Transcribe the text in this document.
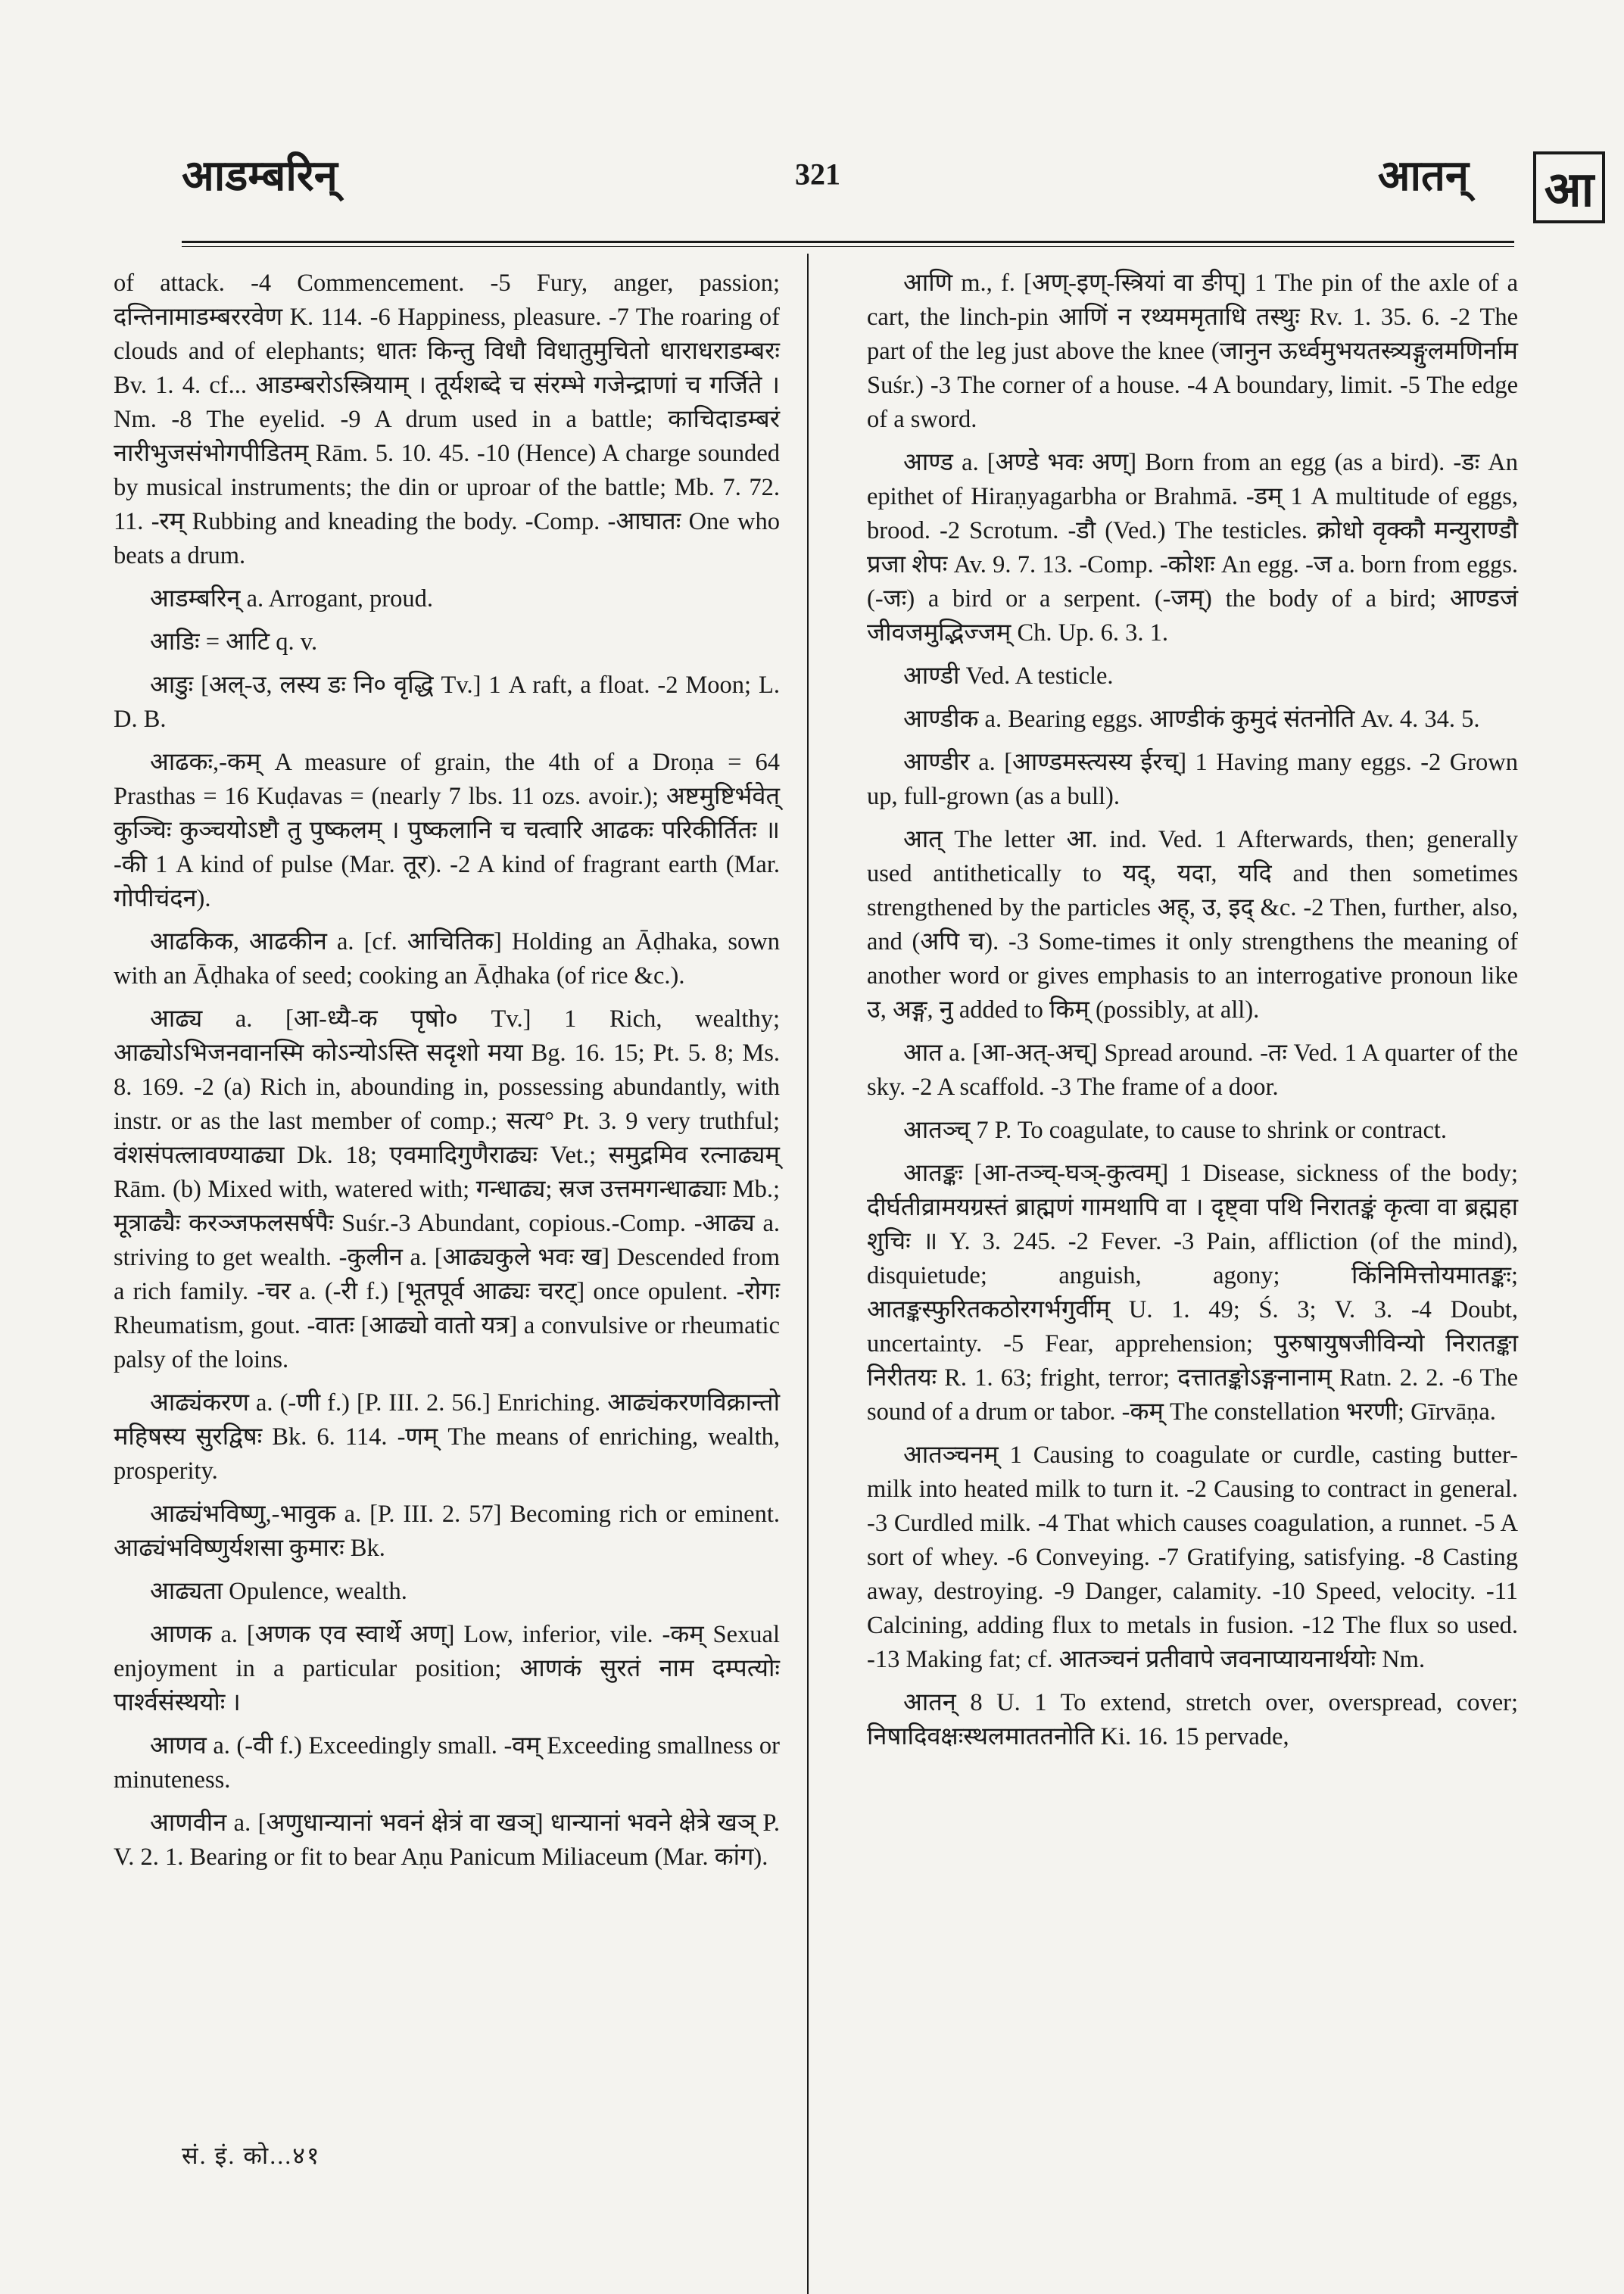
आडम्बरिन्	321	आतन् आ

of attack. -4 Commencement. -5 Fury, anger, passion; दन्तिनामाडम्बररवेण K. 114. -6 Happiness, pleasure. -7 The roaring of clouds and of elephants; धातः किन्तु विधौ विधातुमुचितो धाराधराडम्बरः Bv. 1. 4. cf... आडम्बरोऽस्त्रियाम् । तूर्यशब्दे च संरम्भे गजेन्द्राणां च गर्जिते । Nm. -8 The eyelid. -9 A drum used in a battle; काचिदाडम्बरं नारीभुजसंभोगपीडितम् Rām. 5. 10. 45. -10 (Hence) A charge sounded by musical instruments; the din or uproar of the battle; Mb. 7. 72. 11. -रम् Rubbing and kneading the body. -Comp. -आघातः One who beats a drum.

आडम्बरिन् a. Arrogant, proud.

आडिः = आटि q. v.

आडुः [अल्-उ, लस्य डः नि० वृद्धि Tv.] 1 A raft, a float. -2 Moon; L. D. B.

आढकः,-कम् A measure of grain, the 4th of a Droṇa = 64 Prasthas = 16 Kuḍavas = (nearly 7 lbs. 11 ozs. avoir.); अष्टमुष्टिर्भवेत् कुञ्चिः कुञ्चयोऽष्टौ तु पुष्कलम् । पुष्कलानि च चत्वारि आढकः परिकीर्तितः ॥ -की 1 A kind of pulse (Mar. तूर). -2 A kind of fragrant earth (Mar. गोपीचंदन).

आढकिक, आढकीन a. [cf. आचितिक] Holding an Āḍhaka, sown with an Āḍhaka of seed; cooking an Āḍhaka (of rice &c.).

आढ्य a. [आ-ध्यै-क पृषो० Tv.] 1 Rich, wealthy; आढ्योऽभिजनवानस्मि कोऽन्योऽस्ति सदृशो मया Bg. 16. 15; Pt. 5. 8; Ms. 8. 169. -2 (a) Rich in, abounding in, possessing abundantly, with instr. or as the last member of comp.; सत्य° Pt. 3. 9 very truthful; वंशसंपत्लावण्याढ्या Dk. 18; एवमादिगुणैराढ्यः Vet.; समुद्रमिव रत्नाढ्यम् Rām. (b) Mixed with, watered with; गन्धाढ्य; स्रज उत्तमगन्धाढ्याः Mb.; मूत्राढ्यैः करञ्जफलसर्षपैः Suśr.-3 Abundant, copious.-Comp. -आढ्य a. striving to get wealth. -कुलीन a. [आढ्यकुले भवः ख] Descended from a rich family. -चर a. (-री f.) [भूतपूर्व आढ्यः चरट्] once opulent. -रोगः Rheumatism, gout. -वातः [आढ्यो वातो यत्र] a convulsive or rheumatic palsy of the loins.

आढ्यंकरण a. (-णी f.) [P. III. 2. 56.] Enriching. आढ्यंकरणविक्रान्तो महिषस्य सुरद्विषः Bk. 6. 114. -णम् The means of enriching, wealth, prosperity.

आढ्यंभविष्णु,-भावुक a. [P. III. 2. 57] Becoming rich or eminent. आढ्यंभविष्णुर्यशसा कुमारः Bk.

आढ्यता Opulence, wealth.

आणक a. [अणक एव स्वार्थे अण्] Low, inferior, vile. -कम् Sexual enjoyment in a particular position; आणकं सुरतं नाम दम्पत्योः पार्श्वसंस्थयोः ।

आणव a. (-वी f.) Exceedingly small. -वम् Exceeding smallness or minuteness.

आणवीन a. [अणुधान्यानां भवनं क्षेत्रं वा खञ्] धान्यानां भवने क्षेत्रे खञ् P. V. 2. 1. Bearing or fit to bear Aṇu Panicum Miliaceum (Mar. कांग).

आणि m., f. [अण्-इण्-स्त्रियां वा ङीप्] 1 The pin of the axle of a cart, the linch-pin आणिं न रथ्यममृताधि तस्थुः Rv. 1. 35. 6. -2 The part of the leg just above the knee (जानुन ऊर्ध्वमुभयतस्त्र्यङ्गुलमणिर्नाम Suśr.) -3 The corner of a house. -4 A boundary, limit. -5 The edge of a sword.

आण्ड a. [अण्डे भवः अण्] Born from an egg (as a bird). -डः An epithet of Hiraṇyagarbha or Brahmā. -डम् 1 A multitude of eggs, brood. -2 Scrotum. -डौ (Ved.) The testicles. क्रोधो वृक्कौ मन्युराण्डौ प्रजा शेपः Av. 9. 7. 13. -Comp. -कोशः An egg. -ज a. born from eggs. (-जः) a bird or a serpent. (-जम्) the body of a bird; आण्डजं जीवजमुद्भिज्जम् Ch. Up. 6. 3. 1.

आण्डी Ved. A testicle.

आण्डीक a. Bearing eggs. आण्डीकं कुमुदं संतनोति Av. 4. 34. 5.

आण्डीर a. [आण्डमस्त्यस्य ईरच्] 1 Having many eggs. -2 Grown up, full-grown (as a bull).

आत् The letter आ. ind. Ved. 1 Afterwards, then; generally used antithetically to यद्, यदा, यदि and then sometimes strengthened by the particles अह्, उ, इद् &c. -2 Then, further, also, and (अपि च). -3 Some-times it only strengthens the meaning of another word or gives emphasis to an interrogative pronoun like उ, अङ्ग, नु added to किम् (possibly, at all).

आत a. [आ-अत्-अच्] Spread around. -तः Ved. 1 A quarter of the sky. -2 A scaffold. -3 The frame of a door.

आतञ्च् 7 P. To coagulate, to cause to shrink or contract.

आतङ्कः [आ-तञ्च्-घञ्-कुत्वम्] 1 Disease, sickness of the body; दीर्घतीव्रामयग्रस्तं ब्राह्मणं गामथापि वा । दृष्ट्वा पथि निरातङ्कं कृत्वा वा ब्रह्महा शुचिः ॥ Y. 3. 245. -2 Fever. -3 Pain, affliction (of the mind), disquietude; anguish, agony; किंनिमित्तोयमातङ्कः; आतङ्कस्फुरितकठोरगर्भगुर्वीम् U. 1. 49; Ś. 3; V. 3. -4 Doubt, uncertainty. -5 Fear, apprehension; पुरुषायुषजीविन्यो निरातङ्का निरीतयः R. 1. 63; fright, terror; दत्तातङ्कोऽङ्गनानाम् Ratn. 2. 2. -6 The sound of a drum or tabor. -कम् The constellation भरणी; Gīrvāṇa.

आतञ्चनम् 1 Causing to coagulate or curdle, casting butter-milk into heated milk to turn it. -2 Causing to contract in general. -3 Curdled milk. -4 That which causes coagulation, a runnet. -5 A sort of whey. -6 Conveying. -7 Gratifying, satisfying. -8 Casting away, destroying. -9 Danger, calamity. -10 Speed, velocity. -11 Calcining, adding flux to metals in fusion. -12 The flux so used. -13 Making fat; cf. आतञ्चनं प्रतीवापे जवनाप्यायनार्थयोः Nm.

आतन् 8 U. 1 To extend, stretch over, overspread, cover; निषादिवक्षःस्थलमाततनोति Ki. 16. 15 pervade,

सं. इं. को...४१
